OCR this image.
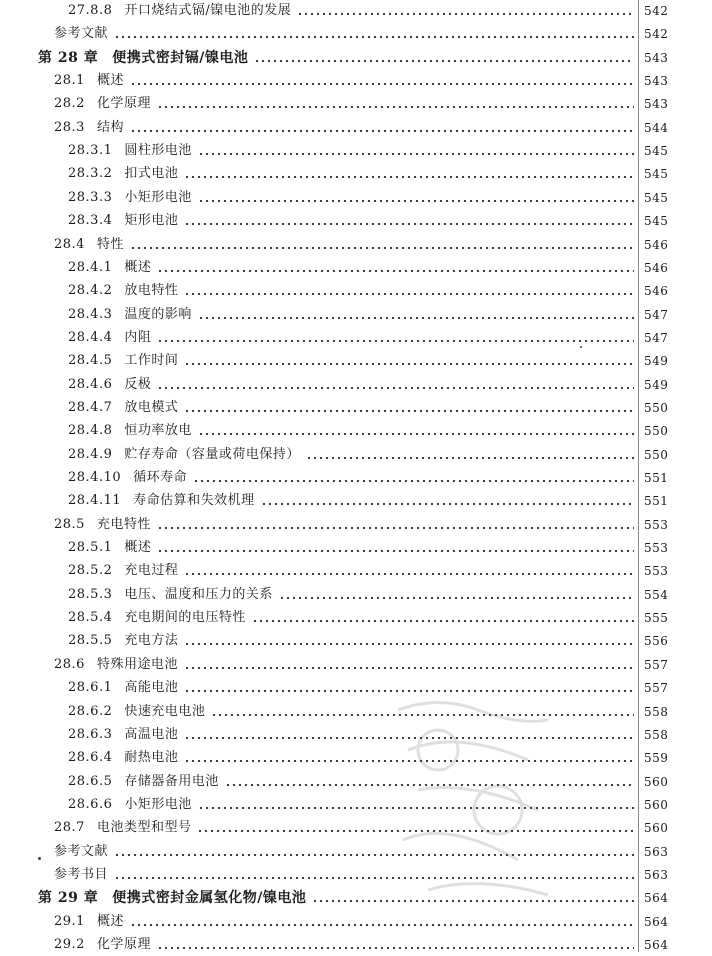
27.8.8 开口烧结式镉/镍电池的发展	542
参考文献	542
第 28 章 便携式密封镉/镍电池	543
28.1 概述	543
28.2 化学原理	543
28.3 结构	544
28.3.1 圆柱形电池	545
28.3.2 扣式电池	545
28.3.3 小矩形电池	545
28.3.4 矩形电池	545
28.4 特性	546
28.4.1 概述	546
28.4.2 放电特性	546
28.4.3 温度的影响	547
28.4.4 内阻	547
28.4.5 工作时间	549
28.4.6 反极	549
28.4.7 放电模式	550
28.4.8 恒功率放电	550
28.4.9 贮存寿命（容量或荷电保持）	550
28.4.10 循环寿命	551
28.4.11 寿命估算和失效机理	551
28.5 充电特性	553
28.5.1 概述	553
28.5.2 充电过程	553
28.5.3 电压、温度和压力的关系	554
28.5.4 充电期间的电压特性	555
28.5.5 充电方法	556
28.6 特殊用途电池	557
28.6.1 高能电池	557
28.6.2 快速充电电池	558
28.6.3 高温电池	558
28.6.4 耐热电池	559
28.6.5 存储器备用电池	560
28.6.6 小矩形电池	560
28.7 电池类型和型号	560
参考文献	563
参考书目	563
第 29 章 便携式密封金属氢化物/镍电池	564
29.1 概述	564
29.2 化学原理	564
